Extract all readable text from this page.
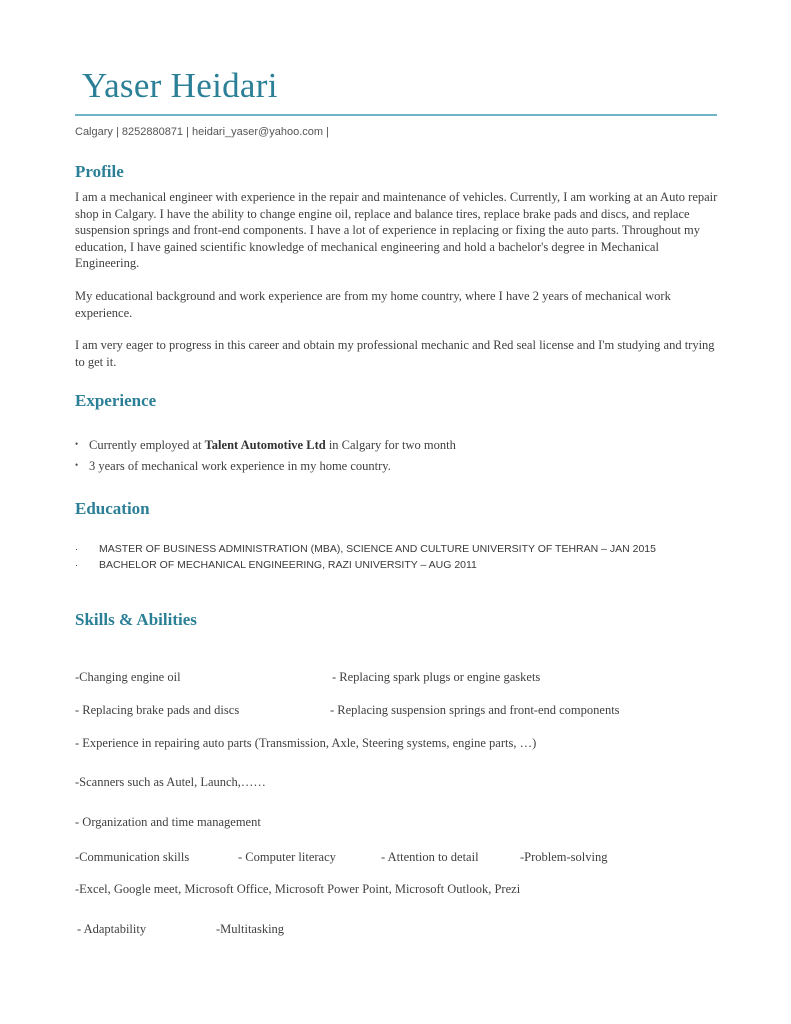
Yaser Heidari
Calgary | 8252880871 | heidari_yaser@yahoo.com |
Profile

I am a mechanical engineer with experience in the repair and maintenance of vehicles. Currently, I am working at an Auto repair shop in Calgary. I have the ability to change engine oil, replace and balance tires, replace brake pads and discs, and replace suspension springs and front-end components. I have a lot of experience in replacing or fixing the auto parts. Throughout my education, I have gained scientific knowledge of mechanical engineering and hold a bachelor's degree in Mechanical Engineering.

My educational background and work experience are from my home country, where I have 2 years of mechanical work experience.

I am very eager to progress in this career and obtain my professional mechanic and Red seal license and I'm studying and trying to get it.

Experience
• Currently employed at Talent Automotive Ltd in Calgary for two month
• 3 years of mechanical work experience in my home country.
Education
· MASTER OF BUSINESS ADMINISTRATION (MBA), SCIENCE AND CULTURE UNIVERSITY OF TEHRAN – JAN 2015
· BACHELOR OF MECHANICAL ENGINEERING, RAZI UNIVERSITY – AUG 2011
Skills & Abilities
-Changing engine oil	- Replacing spark plugs or engine gaskets
- Replacing brake pads and discs	- Replacing suspension springs and front-end components
- Experience in repairing auto parts (Transmission, Axle, Steering systems, engine parts, …)
-Scanners such as Autel, Launch,……
- Organization and time management
-Communication skills	- Computer literacy	- Attention to detail	-Problem-solving
-Excel, Google meet, Microsoft Office, Microsoft Power Point, Microsoft Outlook, Prezi
- Adaptability	-Multitasking
